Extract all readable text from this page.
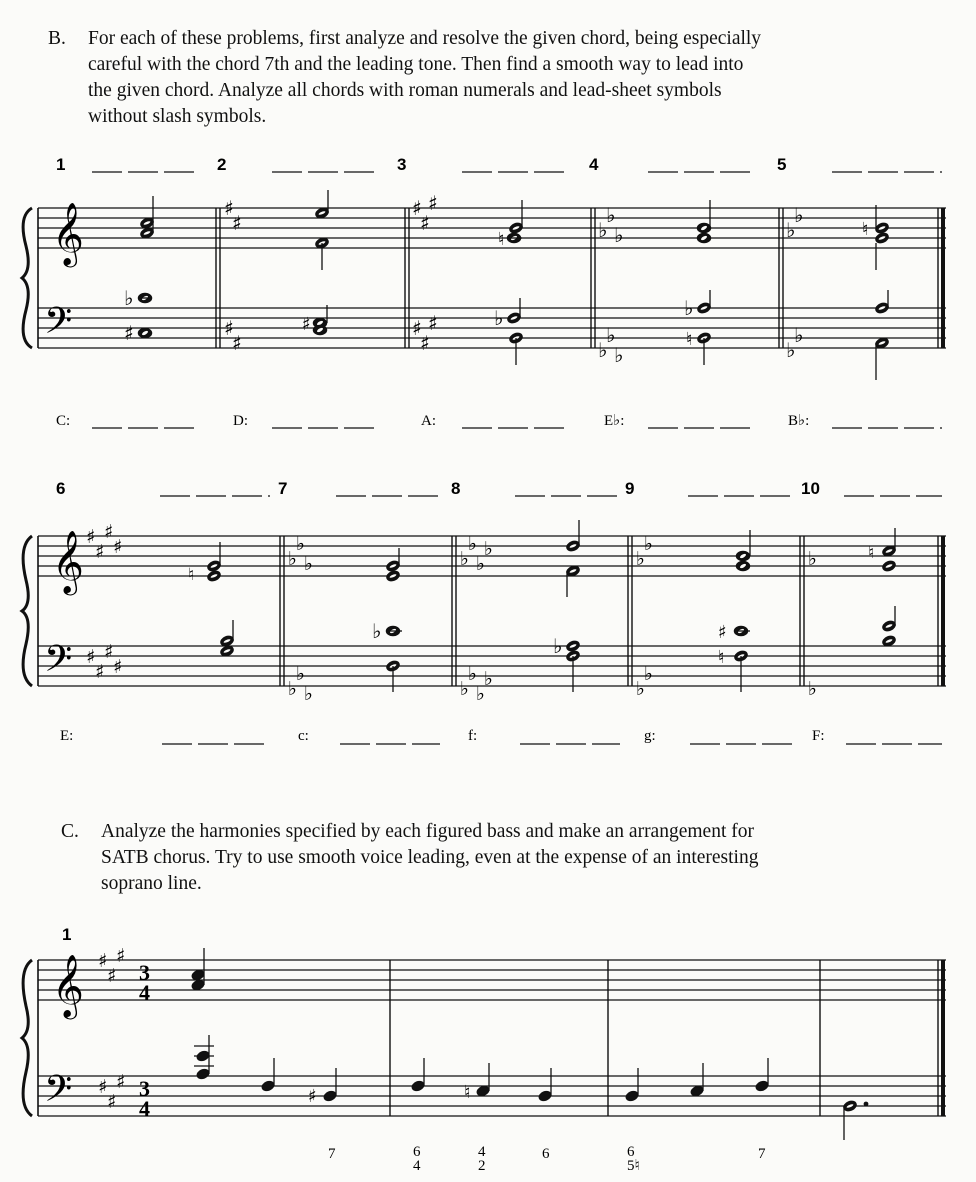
B. For each of these problems, first analyze and resolve the given chord, being especially
careful with the chord 7th and the leading tone. Then find a smooth way to lead into
the given chord. Analyze all chords with roman numerals and lead-sheet symbols
without slash symbols.
C. Analyze the harmonies specified by each figured bass and make an arrangement for
SATB chorus. Try to use smooth voice leading, even at the expense of an interesting
soprano line.
1	2	3	4	5
𝄞
𝄢
♯
♯
♯
♯
♯
♯
♯
♯
♯
♯
♭
♭
♭
♭
♭
♭
♭
♭
♭
♭
♭
♯	♯
♮
♭	♭
♮
♮
C:	D:	A:	E♭:	B♭:
6	7	8	9	10
𝄞
𝄢
♯
♯
♯
♯
♯
♯
♯
♯
♭
♭
♭
♭
♭
♭
♭
♭
♭
♭
♭
♭
♭
♭
♭
♭
♭
♭
♭
♭
♮
♭
♭
♯
♮
♮
E:	c:	f:	g:	F:
1
𝄞
𝄢
♯
♯
♯
♯
♯
♯
3
4
3
4	♯	♮
7	6
4
4
2
6	6
5♮
7
